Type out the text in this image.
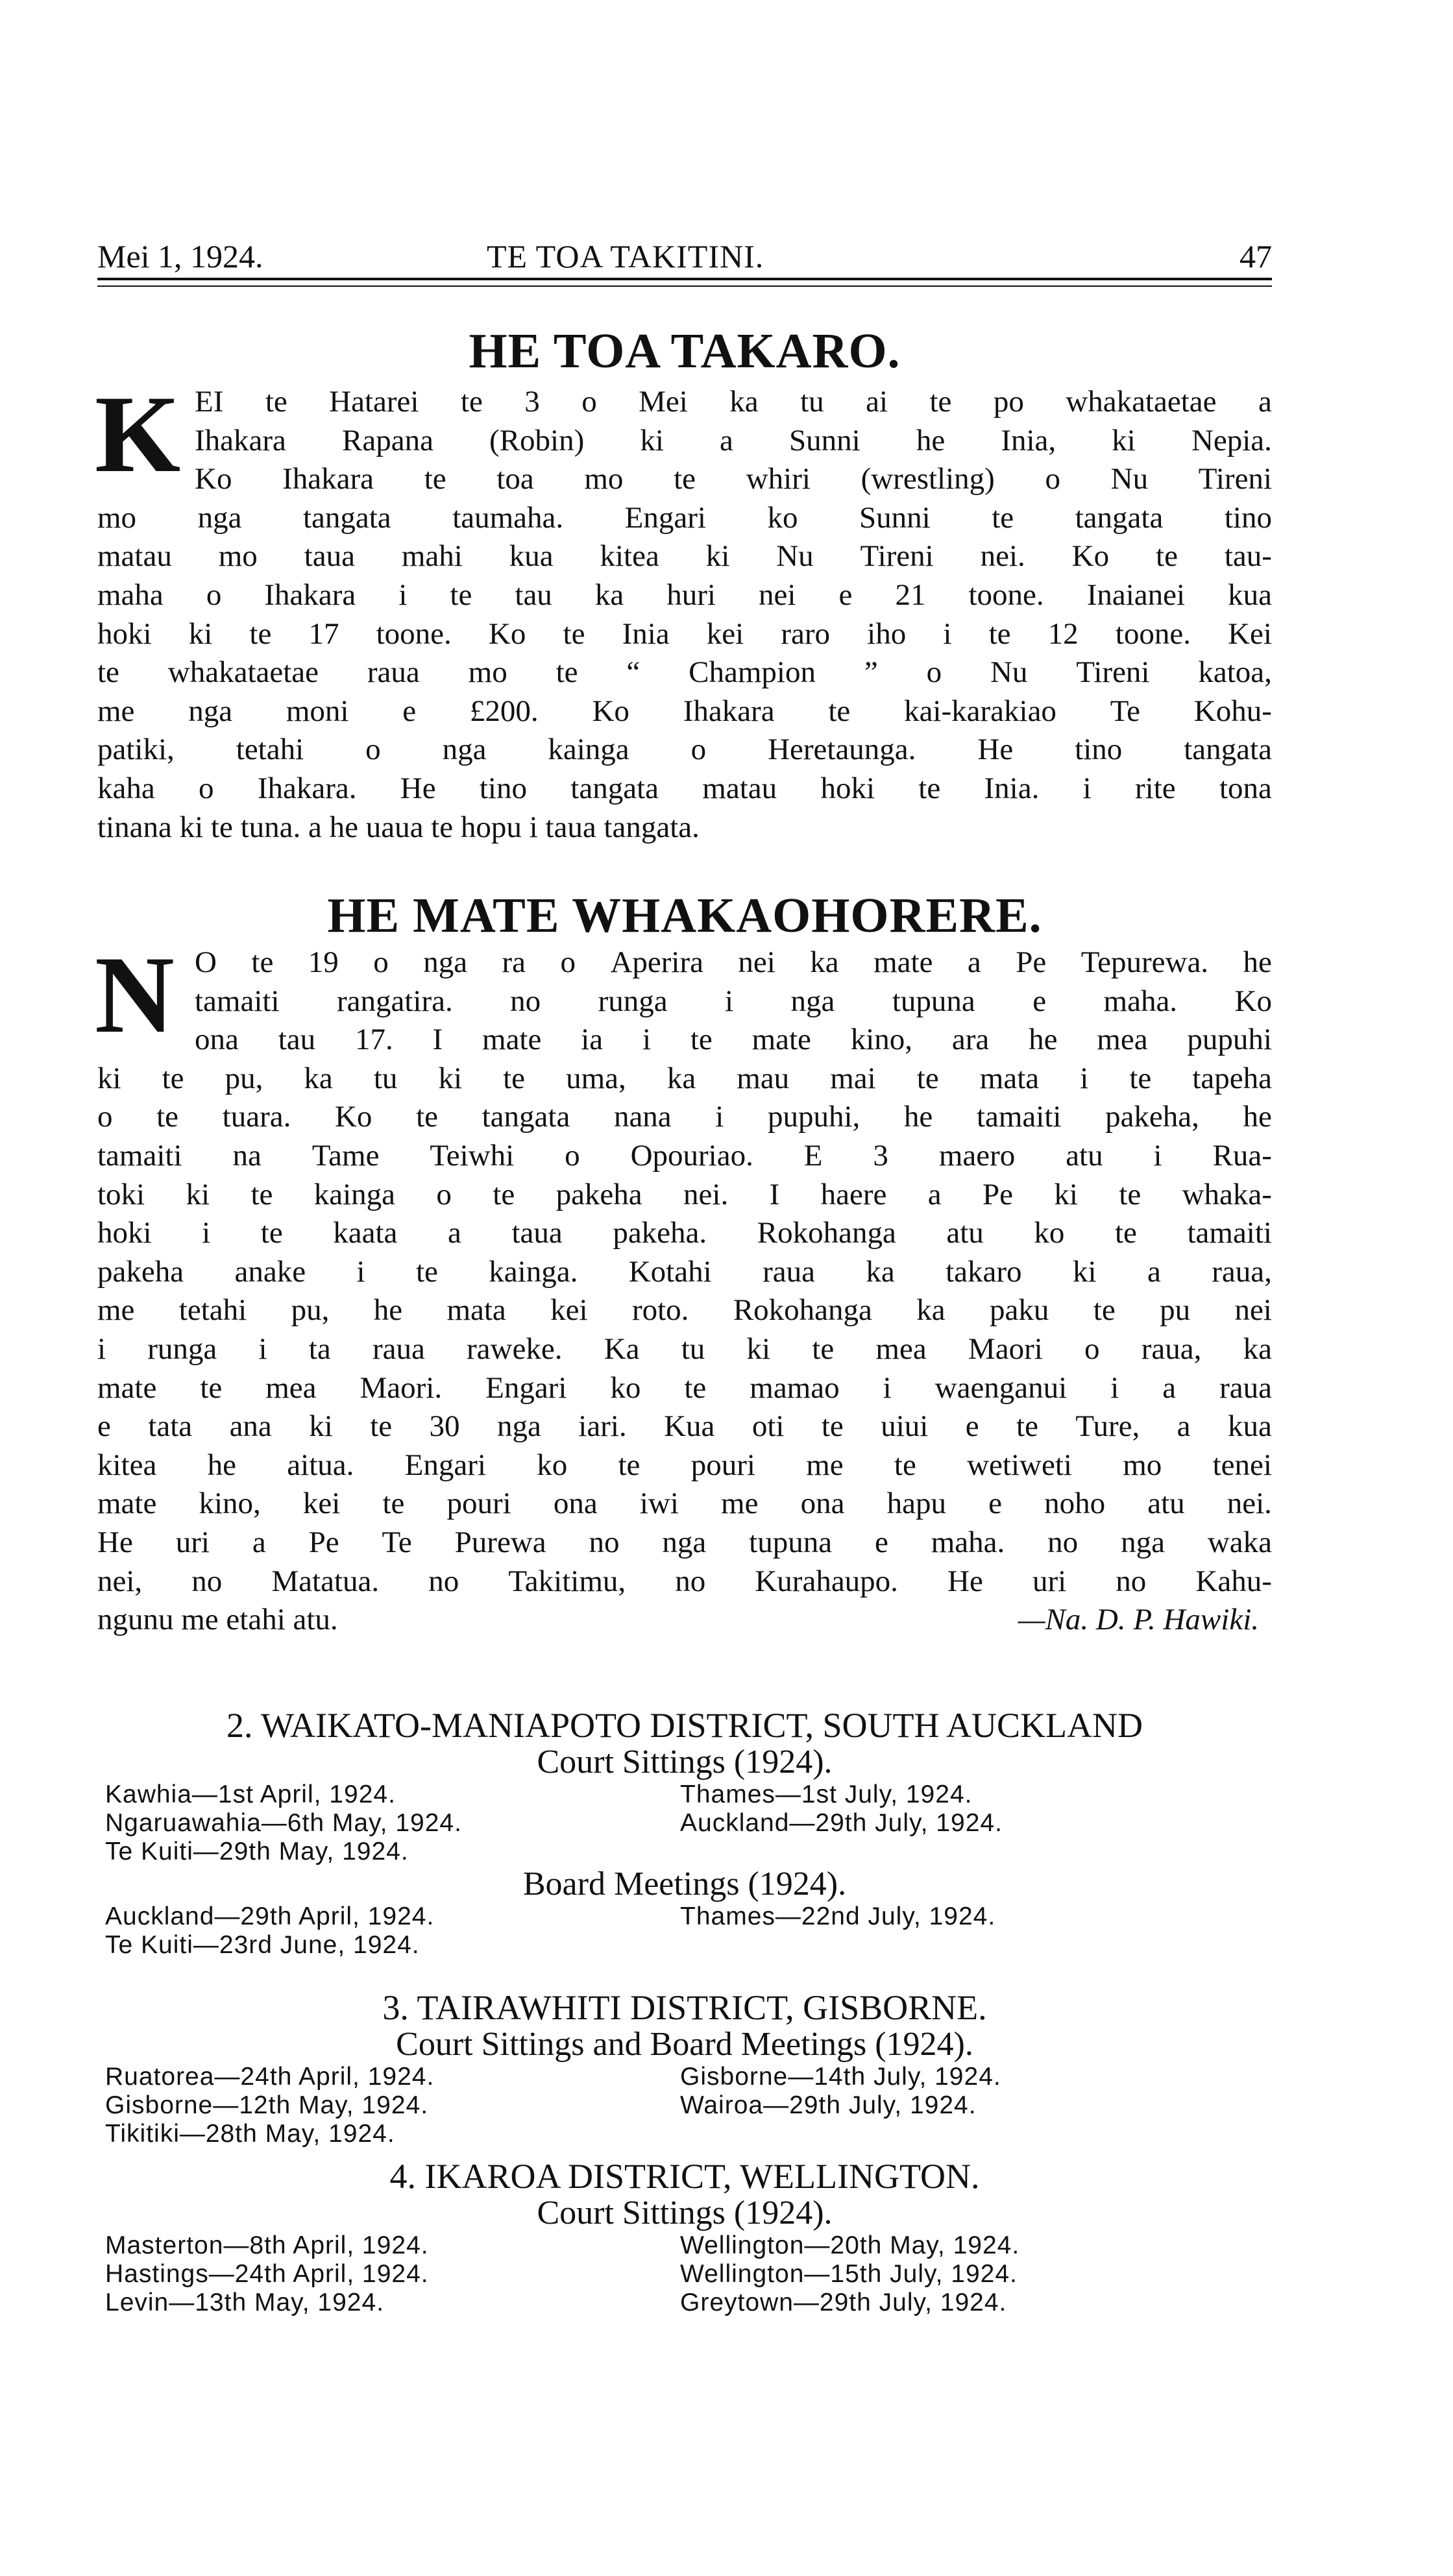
Mei 1, 1924.	TE TOA TAKITINI.	47
HE TOA TAKARO.
K EI te Hatarei te 3 o Mei ka tu ai te po whakataetae a
Ihakara Rapana (Robin) ki a Sunni he Inia, ki Nepia.
Ko Ihakara te toa mo te whiri (wrestling) o Nu Tireni
mo nga tangata taumaha. Engari ko Sunni te tangata tino
matau mo taua mahi kua kitea ki Nu Tireni nei. Ko te tau-
maha o Ihakara i te tau ka huri nei e 21 toone. Inaianei kua
hoki ki te 17 toone. Ko te Inia kei raro iho i te 12 toone. Kei
te whakataetae raua mo te “ Champion ” o Nu Tireni katoa,
me nga moni e £200. Ko Ihakara te kai-karakiao Te Kohu-
patiki, tetahi o nga kainga o Heretaunga. He tino tangata
kaha o Ihakara. He tino tangata matau hoki te Inia. i rite tona
tinana ki te tuna. a he uaua te hopu i taua tangata.
HE MATE WHAKAOHORERE.
N O te 19 o nga ra o Aperira nei ka mate a Pe Tepurewa. he
tamaiti rangatira. no runga i nga tupuna e maha. Ko
ona tau 17. I mate ia i te mate kino, ara he mea pupuhi
ki te pu, ka tu ki te uma, ka mau mai te mata i te tapeha
o te tuara. Ko te tangata nana i pupuhi, he tamaiti pakeha, he
tamaiti na Tame Teiwhi o Opouriao. E 3 maero atu i Rua-
toki ki te kainga o te pakeha nei. I haere a Pe ki te whaka-
hoki i te kaata a taua pakeha. Rokohanga atu ko te tamaiti
pakeha anake i te kainga. Kotahi raua ka takaro ki a raua,
me tetahi pu, he mata kei roto. Rokohanga ka paku te pu nei
i runga i ta raua raweke. Ka tu ki te mea Maori o raua, ka
mate te mea Maori. Engari ko te mamao i waenganui i a raua
e tata ana ki te 30 nga iari. Kua oti te uiui e te Ture, a kua
kitea he aitua. Engari ko te pouri me te wetiweti mo tenei
mate kino, kei te pouri ona iwi me ona hapu e noho atu nei.
He uri a Pe Te Purewa no nga tupuna e maha. no nga waka
nei, no Matatua. no Takitimu, no Kurahaupo. He uri no Kahu-
ngunu me etahi atu.	—Na. D. P. Hawiki.
2. WAIKATO-MANIAPOTO DISTRICT, SOUTH AUCKLAND
Court Sittings (1924).
Kawhia—1st April, 1924.	Thames—1st July, 1924.
Ngaruawahia—6th May, 1924.	Auckland—29th July, 1924.
Te Kuiti—29th May, 1924.
Board Meetings (1924).
Auckland—29th April, 1924.	Thames—22nd July, 1924.
Te Kuiti—23rd June, 1924.
3. TAIRAWHITI DISTRICT, GISBORNE.
Court Sittings and Board Meetings (1924).
Ruatorea—24th April, 1924.	Gisborne—14th July, 1924.
Gisborne—12th May, 1924.	Wairoa—29th July, 1924.
Tikitiki—28th May, 1924.
4. IKAROA DISTRICT, WELLINGTON.
Court Sittings (1924).
Masterton—8th April, 1924.	Wellington—20th May, 1924.
Hastings—24th April, 1924.	Wellington—15th July, 1924.
Levin—13th May, 1924.	Greytown—29th July, 1924.
